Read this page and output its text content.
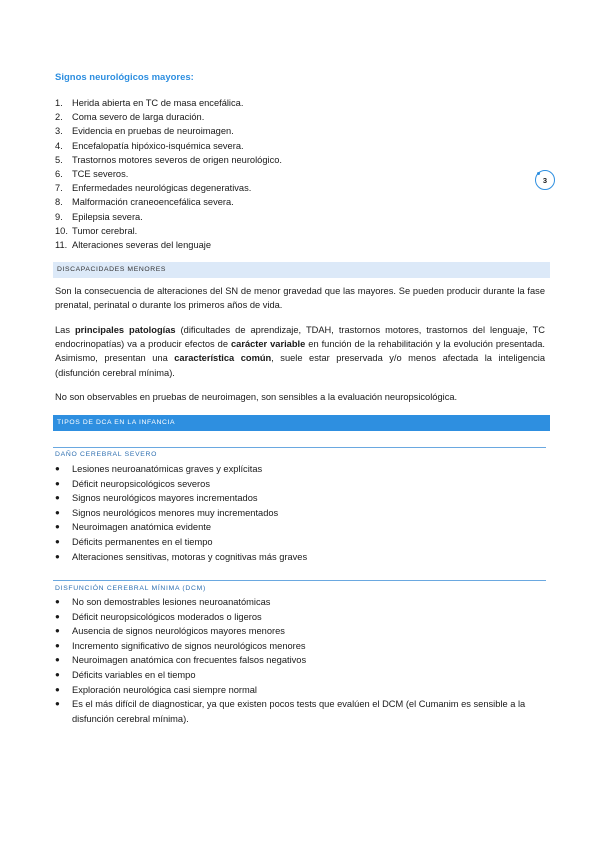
Signos neurológicos mayores:
1. Herida abierta en TC de masa encefálica.
2. Coma severo de larga duración.
3. Evidencia en pruebas de neuroimagen.
4. Encefalopatía hipóxico-isquémica severa.
5. Trastornos motores severos de origen neurológico.
6. TCE severos.
7. Enfermedades neurológicas degenerativas.
8. Malformación craneoencefálica severa.
9. Epilepsia severa.
10. Tumor cerebral.
11. Alteraciones severas del lenguaje
3
DISCAPACIDADES MENORES
Son la consecuencia de alteraciones del SN de menor gravedad que las mayores. Se pueden producir durante la fase prenatal, perinatal o durante los primeros años de vida.
Las principales patologías (dificultades de aprendizaje, TDAH, trastornos motores, trastornos del lenguaje, TC endocrinopatías) va a producir efectos de carácter variable en función de la rehabilitación y la evolución presentada. Asimismo, presentan una característica común, suele estar preservada y/o menos afectada la inteligencia (disfunción cerebral mínima).
No son observables en pruebas de neuroimagen, son sensibles a la evaluación neuropsicológica.
TIPOS DE DCA EN LA INFANCIA
DAÑO CEREBRAL SEVERO
●	Lesiones neuroanatómicas graves y explícitas
●	Déficit neuropsicológicos severos
●	Signos neurológicos mayores incrementados
●	Signos neurológicos menores muy incrementados
●	Neuroimagen anatómica evidente
●	Déficits permanentes en el tiempo
●	Alteraciones sensitivas, motoras y cognitivas más graves
DISFUNCIÓN CEREBRAL MÍNIMA (DCM)
●	No son demostrables lesiones neuroanatómicas
●	Déficit neuropsicológicos moderados o ligeros
●	Ausencia de signos neurológicos mayores menores
●	Incremento significativo de signos neurológicos menores
●	Neuroimagen anatómica con frecuentes falsos negativos
●	Déficits variables en el tiempo
●	Exploración neurológica casi siempre normal
●	Es el más difícil de diagnosticar, ya que existen pocos tests que evalúen el DCM (el Cumanim es sensible a la disfunción cerebral mínima).
